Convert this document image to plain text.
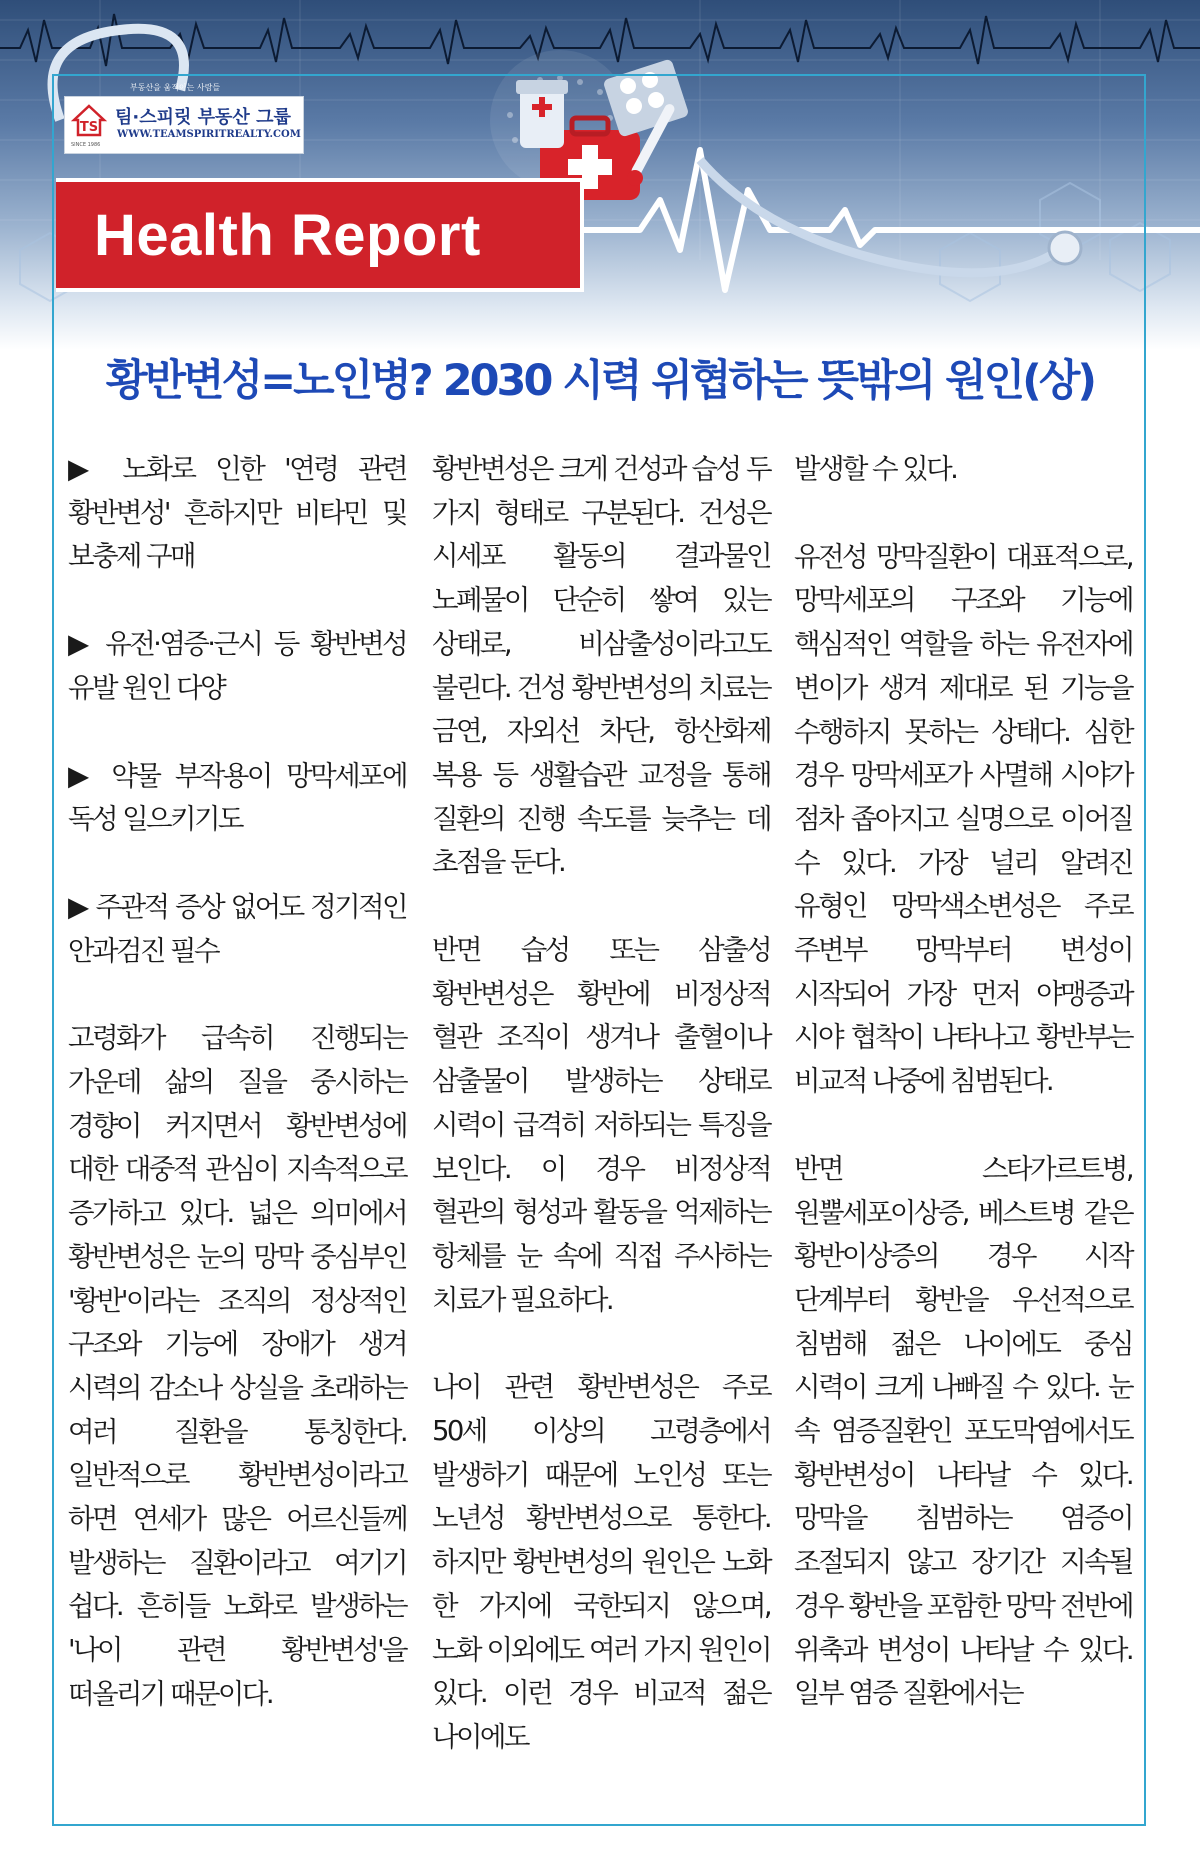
부동산을 움직이는 사람들
TS 팀·스피릿 부동산 그룹
WWW.TEAMSPIRITREALTY.COM
SINCE 1986
Health Report
황반변성=노인병? 2030 시력 위협하는 뜻밖의 원인(상)

▶ 노화로 인한 '연령 관련 황반변성' 흔하지만 비타민 및 보충제 구매

▶ 유전·염증·근시 등 황반변성 유발 원인 다양

▶ 약물 부작용이 망막세포에 독성 일으키기도

▶ 주관적 증상 없어도 정기적인 안과검진 필수

고령화가 급속히 진행되는 가운데 삶의 질을 중시하는 경향이 커지면서 황반변성에 대한 대중적 관심이 지속적으로 증가하고 있다. 넓은 의미에서 황반변성은 눈의 망막 중심부인 '황반'이라는 조직의 정상적인 구조와 기능에 장애가 생겨 시력의 감소나 상실을 초래하는 여러 질환을 통칭한다. 일반적으로 황반변성이라고 하면 연세가 많은 어르신들께 발생하는 질환이라고 여기기 쉽다. 흔히들 노화로 발생하는 '나이 관련 황반변성'을 떠올리기 때문이다.

황반변성은 크게 건성과 습성 두 가지 형태로 구분된다. 건성은 시세포 활동의 결과물인 노폐물이 단순히 쌓여 있는 상태로, 비삼출성이라고도 불린다. 건성 황반변성의 치료는 금연, 자외선 차단, 항산화제 복용 등 생활습관 교정을 통해 질환의 진행 속도를 늦추는 데 초점을 둔다.

반면 습성 또는 삼출성 황반변성은 황반에 비정상적 혈관 조직이 생겨나 출혈이나 삼출물이 발생하는 상태로 시력이 급격히 저하되는 특징을 보인다. 이 경우 비정상적 혈관의 형성과 활동을 억제하는 항체를 눈 속에 직접 주사하는 치료가 필요하다.

나이 관련 황반변성은 주로 50세 이상의 고령층에서 발생하기 때문에 노인성 또는 노년성 황반변성으로 통한다. 하지만 황반변성의 원인은 노화 한 가지에 국한되지 않으며, 노화 이외에도 여러 가지 원인이 있다. 이런 경우 비교적 젊은 나이에도

발생할 수 있다.

유전성 망막질환이 대표적으로, 망막세포의 구조와 기능에 핵심적인 역할을 하는 유전자에 변이가 생겨 제대로 된 기능을 수행하지 못하는 상태다. 심한 경우 망막세포가 사멸해 시야가 점차 좁아지고 실명으로 이어질 수 있다. 가장 널리 알려진 유형인 망막색소변성은 주로 주변부 망막부터 변성이 시작되어 가장 먼저 야맹증과 시야 협착이 나타나고 황반부는 비교적 나중에 침범된다.

반면 스타가르트병, 원뿔세포이상증, 베스트병 같은 황반이상증의 경우 시작 단계부터 황반을 우선적으로 침범해 젊은 나이에도 중심 시력이 크게 나빠질 수 있다. 눈 속 염증질환인 포도막염에서도 황반변성이 나타날 수 있다. 망막을 침범하는 염증이 조절되지 않고 장기간 지속될 경우 황반을 포함한 망막 전반에 위축과 변성이 나타날 수 있다. 일부 염증 질환에서는
